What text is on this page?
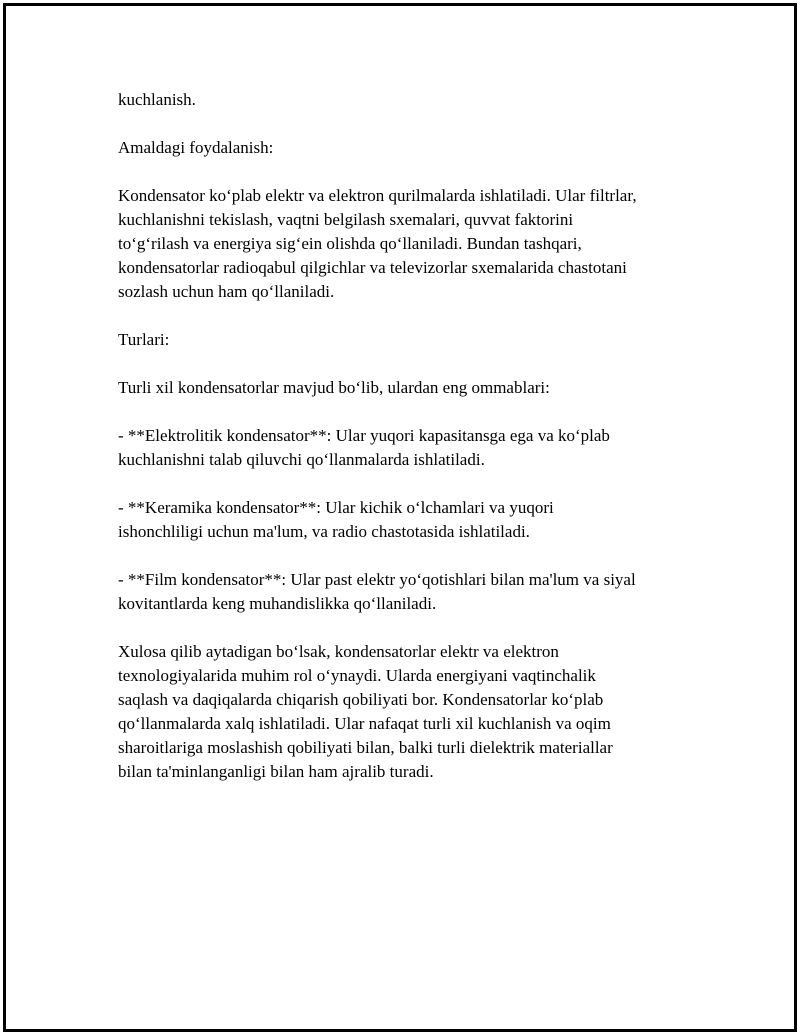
kuchlanish.

Amaldagi foydalanish:

Kondensator ko‘plab elektr va elektron qurilmalarda ishlatiladi. Ular filtrlar,
kuchlanishni tekislash, vaqtni belgilash sxemalari, quvvat faktorini
to‘g‘rilash va energiya sig‘ein olishda qo‘llaniladi. Bundan tashqari,
kondensatorlar radioqabul qilgichlar va televizorlar sxemalarida chastotani
sozlash uchun ham qo‘llaniladi.

Turlari:

Turli xil kondensatorlar mavjud bo‘lib, ulardan eng ommablari:

- **Elektrolitik kondensator**: Ular yuqori kapasitansga ega va ko‘plab
kuchlanishni talab qiluvchi qo‘llanmalarda ishlatiladi.

- **Keramika kondensator**: Ular kichik o‘lchamlari va yuqori
ishonchliligi uchun ma'lum, va radio chastotasida ishlatiladi.

- **Film kondensator**: Ular past elektr yo‘qotishlari bilan ma'lum va siyal
kovitantlarda keng muhandislikka qo‘llaniladi.

Xulosa qilib aytadigan bo‘lsak, kondensatorlar elektr va elektron
texnologiyalarida muhim rol o‘ynaydi. Ularda energiyani vaqtinchalik
saqlash va daqiqalarda chiqarish qobiliyati bor. Kondensatorlar ko‘plab
qo‘llanmalarda xalq ishlatiladi. Ular nafaqat turli xil kuchlanish va oqim
sharoitlariga moslashish qobiliyati bilan, balki turli dielektrik materiallar
bilan ta'minlanganligi bilan ham ajralib turadi.
